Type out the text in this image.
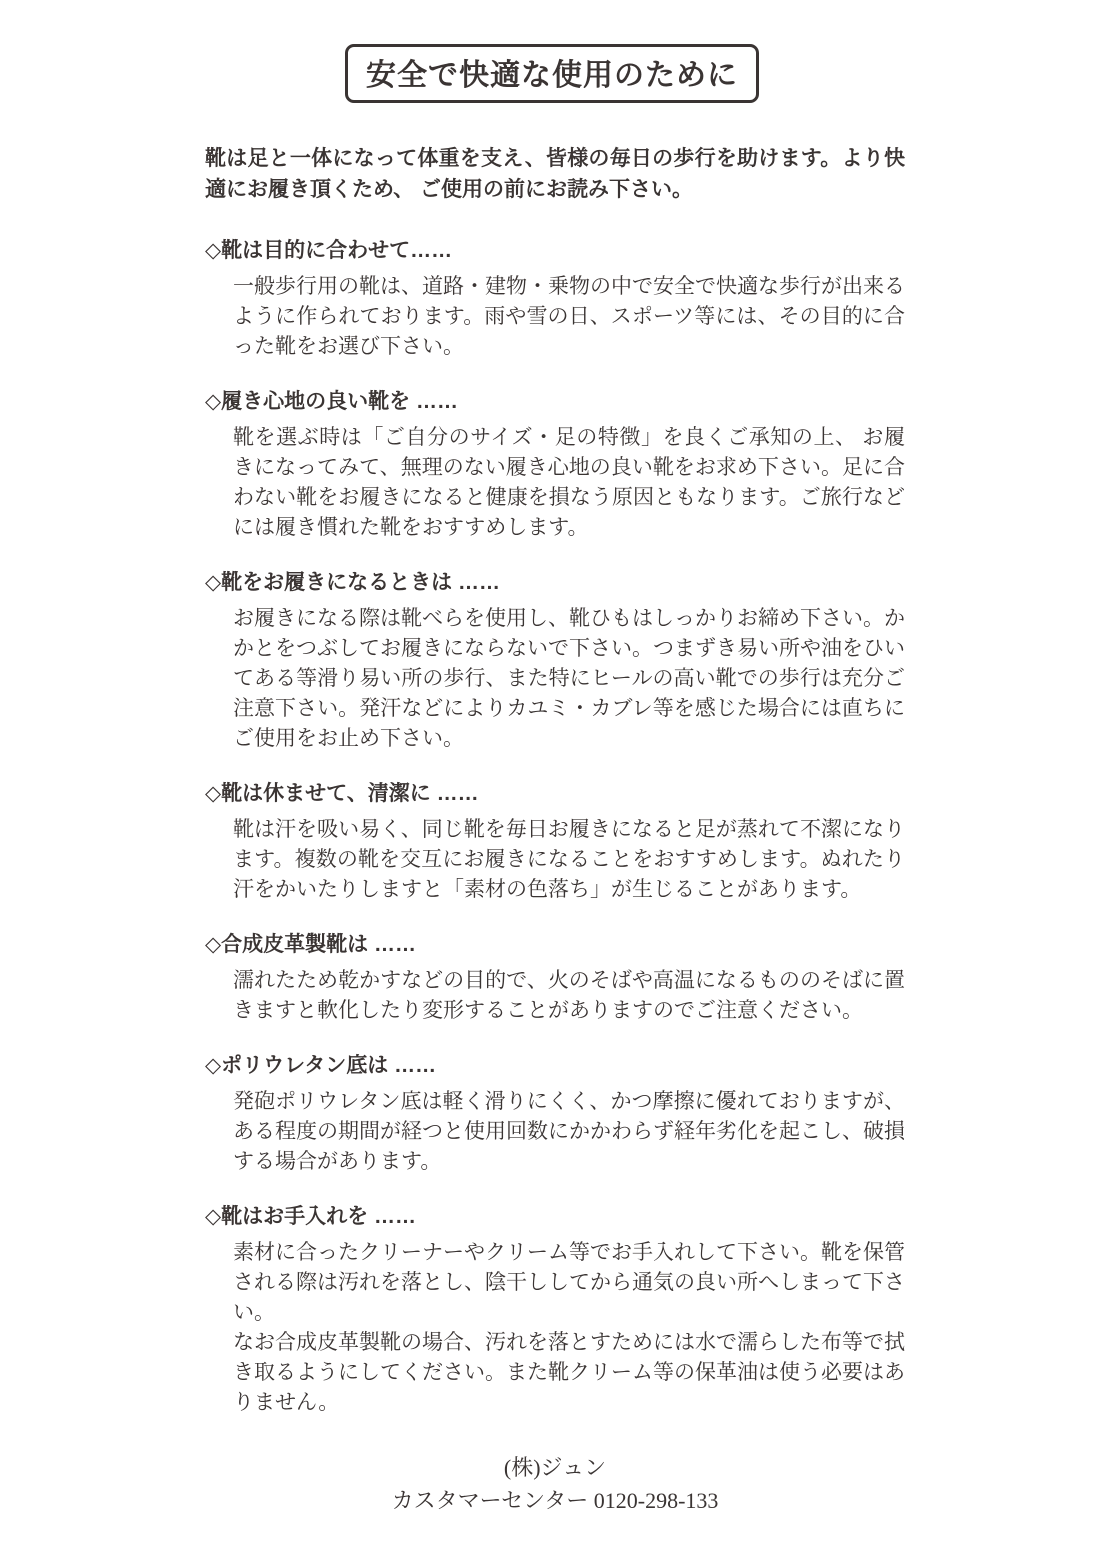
安全で快適な使用のために

靴は足と一体になって体重を支え、皆様の毎日の歩行を助けます。より快適にお履き頂くため、 ご使用の前にお読み下さい。

◇靴は目的に合わせて……

一般歩行用の靴は、道路・建物・乗物の中で安全で快適な歩行が出来るように作られております。雨や雪の日、スポーツ等には、その目的に合った靴をお選び下さい。

◇履き心地の良い靴を ……

靴を選ぶ時は「ご自分のサイズ・足の特徴」を良くご承知の上、 お履きになってみて、無理のない履き心地の良い靴をお求め下さい。足に合わない靴をお履きになると健康を損なう原因ともなります。ご旅行などには履き慣れた靴をおすすめします。

◇靴をお履きになるときは ……

お履きになる際は靴べらを使用し、靴ひもはしっかりお締め下さい。かかとをつぶしてお履きにならないで下さい。つまずき易い所や油をひいてある等滑り易い所の歩行、また特にヒールの高い靴での歩行は充分ご注意下さい。発汗などによりカユミ・カブレ等を感じた場合には直ちにご使用をお止め下さい。

◇靴は休ませて、清潔に ……

靴は汗を吸い易く、同じ靴を毎日お履きになると足が蒸れて不潔になります。複数の靴を交互にお履きになることをおすすめします。ぬれたり汗をかいたりしますと「素材の色落ち」が生じることがあります。

◇合成皮革製靴は ……

濡れたため乾かすなどの目的で、火のそばや高温になるもののそばに置きますと軟化したり変形することがありますのでご注意ください。

◇ポリウレタン底は ……

発砲ポリウレタン底は軽く滑りにくく、かつ摩擦に優れておりますが、ある程度の期間が経つと使用回数にかかわらず経年劣化を起こし、破損する場合があります。

◇靴はお手入れを ……

素材に合ったクリーナーやクリーム等でお手入れして下さい。靴を保管される際は汚れを落とし、陰干ししてから通気の良い所へしまって下さい。

なお合成皮革製靴の場合、汚れを落とすためには水で濡らした布等で拭き取るようにしてください。また靴クリーム等の保革油は使う必要はありません。

(株)ジュン
カスタマーセンター 0120-298-133
